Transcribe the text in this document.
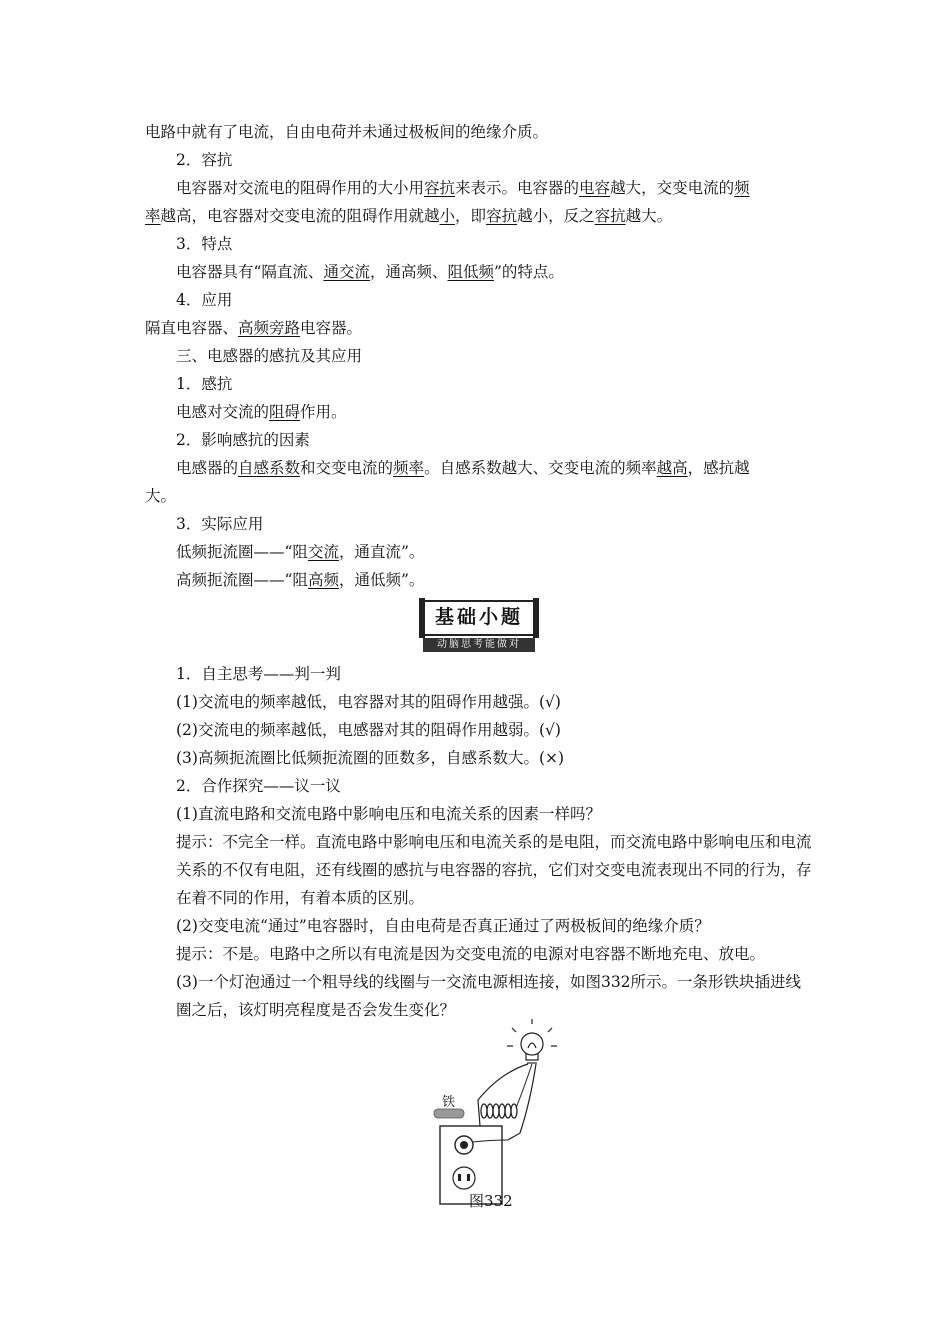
电路中就有了电流，自由电荷并未通过极板间的绝缘介质。

2．容抗

电容器对交流电的阻碍作用的大小用容抗来表示。电容器的电容越大，交变电流的频

率越高，电容器对交变电流的阻碍作用就越小，即容抗越小，反之容抗越大。

3．特点

电容器具有“隔直流、通交流，通高频、阻低频”的特点。

4．应用

隔直电容器、高频旁路电容器。

三、电感器的感抗及其应用

1．感抗

电感对交流的阻碍作用。

2．影响感抗的因素

电感器的自感系数和交变电流的频率。自感系数越大、交变电流的频率越高，感抗越

大。

3．实际应用

低频扼流圈——“阻交流，通直流”。

高频扼流圈——“阻高频，通低频”。

基础小题
动脑思考能做对

1．自主思考——判一判

(1)交流电的频率越低，电容器对其的阻碍作用越强。(√)

(2)交流电的频率越低，电感器对其的阻碍作用越弱。(√)

(3)高频扼流圈比低频扼流圈的匝数多，自感系数大。(×)

2．合作探究——议一议

(1)直流电路和交流电路中影响电压和电流关系的因素一样吗？

提示：不完全一样。直流电路中影响电压和电流关系的是电阻，而交流电路中影响电压和电流关系的不仅有电阻，还有线圈的感抗与电容器的容抗，它们对交变电流表现出不同的行为，存在着不同的作用，有着本质的区别。

(2)交变电流“通过”电容器时，自由电荷是否真正通过了两极板间的绝缘介质？

提示：不是。电路中之所以有电流是因为交变电流的电源对电容器不断地充电、放电。

(3)一个灯泡通过一个粗导线的线圈与一交流电源相连接，如图332所示。一条形铁块插进线圈之后，该灯明亮程度是否会发生变化？

铁
图332
